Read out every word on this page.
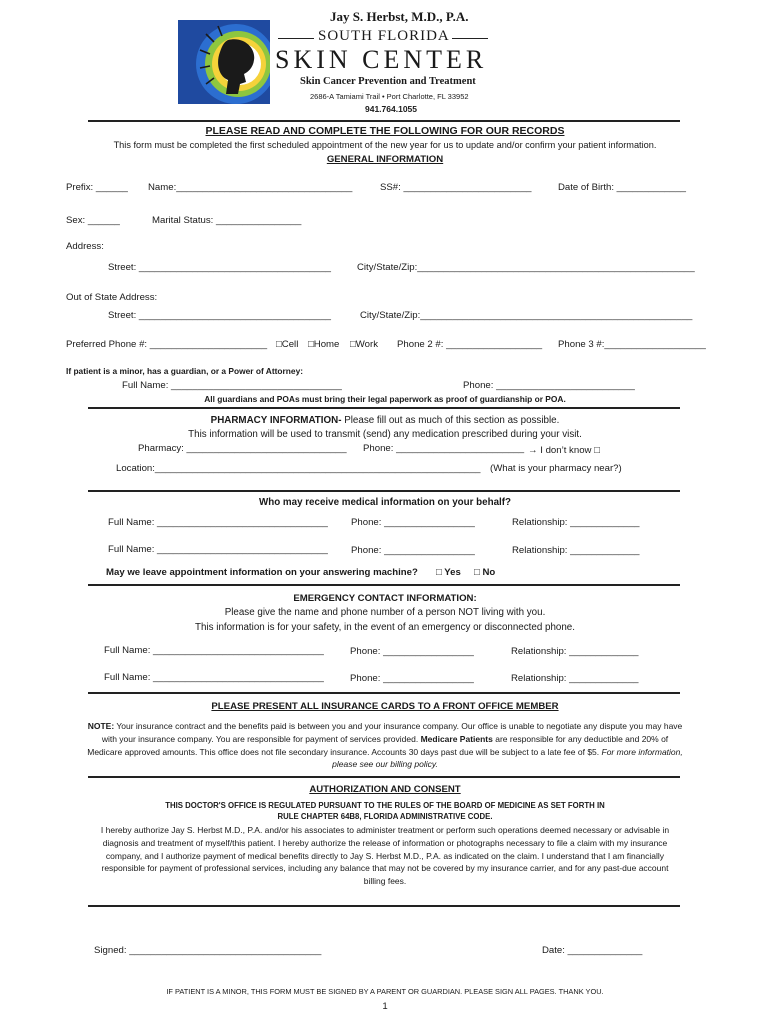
Jay S. Herbst, M.D., P.A.
SOUTH FLORIDA
SKIN CENTER
Skin Cancer Prevention and Treatment
2686-A Tamiami Trail • Port Charlotte, FL 33952
941.764.1055
PLEASE READ AND COMPLETE THE FOLLOWING FOR OUR RECORDS
This form must be completed the first scheduled appointment of the new year for us to update and/or confirm your patient information.
GENERAL INFORMATION
Prefix: ______ Name:_________________________________	SS#: ________________________	Date of Birth: _____________
Sex: ______	Marital Status: ________________
Address:
Street: ____________________________________	City/State/Zip:____________________________________________________
Out of State Address:
Street: ____________________________________	City/State/Zip:___________________________________________________
Preferred Phone #: ______________________ □Cell □Home □Work Phone 2 #: __________________ Phone 3 #:___________________
If patient is a minor, has a guardian, or a Power of Attorney:
Full Name: ________________________________	Phone: __________________________
All guardians and POAs must bring their legal paperwork as proof of guardianship or POA.
PHARMACY INFORMATION- Please fill out as much of this section as possible.
This information will be used to transmit (send) any medication prescribed during your visit.
Pharmacy: ______________________________ Phone: ________________________ → I don’t know □
Location:_____________________________________________________________ (What is your pharmacy near?)
Who may receive medical information on your behalf?
Full Name: ________________________________ Phone: _________________	Relationship: _____________
Full Name: ________________________________ Phone: _________________	Relationship: _____________
May we leave appointment information on your answering machine? □ Yes □ No
EMERGENCY CONTACT INFORMATION:
Please give the name and phone number of a person NOT living with you.
This information is for your safety, in the event of an emergency or disconnected phone.
Full Name: ________________________________	Phone: _________________	Relationship: _____________
Full Name: ________________________________	Phone: _________________	Relationship: _____________
PLEASE PRESENT ALL INSURANCE CARDS TO A FRONT OFFICE MEMBER
NOTE: Your insurance contract and the benefits paid is between you and your insurance company. Our office is unable to negotiate any dispute you may have with your insurance company. You are responsible for payment of services provided. Medicare Patients are responsible for any deductible and 20% of Medicare approved amounts. This office does not file secondary insurance. Accounts 30 days past due will be subject to a late fee of $5. For more information, please see our billing policy.
AUTHORIZATION AND CONSENT
THIS DOCTOR'S OFFICE IS REGULATED PURSUANT TO THE RULES OF THE BOARD OF MEDICINE AS SET FORTH IN
RULE CHAPTER 64B8, FLORIDA ADMINISTRATIVE CODE.
I hereby authorize Jay S. Herbst M.D., P.A. and/or his associates to administer treatment or perform such operations deemed necessary or advisable in diagnosis and treatment of myself/this patient. I hereby authorize the release of information or photographs necessary to file a claim with my insurance company, and I authorize payment of medical benefits directly to Jay S. Herbst M.D., P.A. as indicated on the claim. I understand that I am financially responsible for payment of professional services, including any balance that may not be covered by my insurance carrier, and for any past-due account billing fees.
Signed: ____________________________________	Date: ______________
IF PATIENT IS A MINOR, THIS FORM MUST BE SIGNED BY A PARENT OR GUARDIAN. PLEASE SIGN ALL PAGES. THANK YOU.
1
